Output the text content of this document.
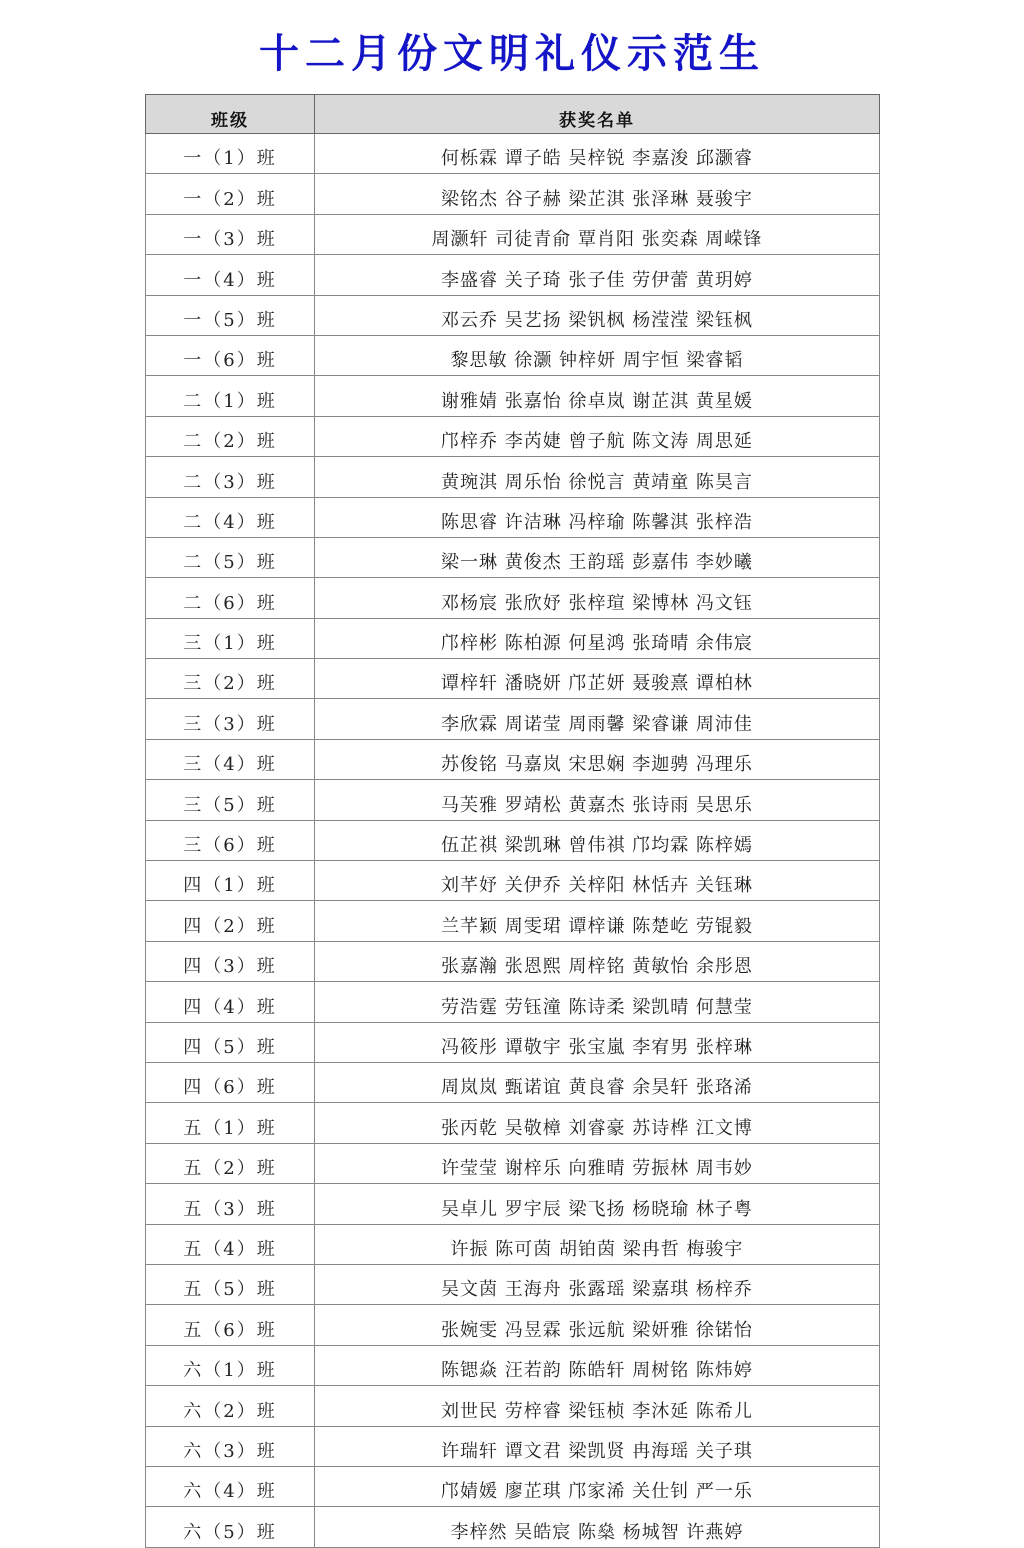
十二月份文明礼仪示范生
班级	获奖名单
一（1）班	何栎霖 谭子皓 吴梓锐 李嘉浚 邱灏睿
一（2）班	梁铭杰 谷子赫 梁芷淇 张泽琳 聂骏宇
一（3）班	周灏轩 司徒青俞 覃肖阳 张奕森 周嵘锋
一（4）班	李盛睿 关子琦 张子佳 劳伊蕾 黄玥婷
一（5）班	邓云乔 吴艺扬 梁钒枫 杨滢滢 梁钰枫
一（6）班	黎思敏 徐灏 钟梓妍 周宇恒 梁睿韬
二（1）班	谢雅婧 张嘉怡 徐卓岚 谢芷淇 黄星媛
二（2）班	邝梓乔 李芮婕 曾子航 陈文涛 周思延
二（3）班	黄琬淇 周乐怡 徐悦言 黄靖童 陈昊言
二（4）班	陈思睿 许洁琳 冯梓瑜 陈馨淇 张梓浩
二（5）班	梁一琳 黄俊杰 王韵瑶 彭嘉伟 李妙曦
二（6）班	邓杨宸 张欣妤 张梓瑄 梁博林 冯文钰
三（1）班	邝梓彬 陈柏源 何星鸿 张琦晴 余伟宸
三（2）班	谭梓轩 潘晓妍 邝芷妍 聂骏熹 谭柏林
三（3）班	李欣霖 周诺莹 周雨馨 梁睿谦 周沛佳
三（4）班	苏俊铭 马嘉岚 宋思娴 李迦骋 冯理乐
三（5）班	马芙雅 罗靖松 黄嘉杰 张诗雨 吴思乐
三（6）班	伍芷祺 梁凯琳 曾伟祺 邝均霖 陈梓嫣
四（1）班	刘芊妤 关伊乔 关梓阳 林恬卉 关钰琳
四（2）班	兰芊颖 周雯珺 谭梓谦 陈楚屹 劳锟毅
四（3）班	张嘉瀚 张恩熙 周梓铭 黄敏怡 余彤恩
四（4）班	劳浩霆 劳钰潼 陈诗柔 梁凯晴 何慧莹
四（5）班	冯筱彤 谭敬宇 张宝嵐 李宥男 张梓琳
四（6）班	周岚岚 甄诺谊 黄良睿 余昊轩 张珞浠
五（1）班	张丙乾 吴敬樟 刘睿豪 苏诗桦 江文博
五（2）班	许莹莹 谢梓乐 向雅晴 劳振林 周韦妙
五（3）班	吴卓儿 罗宇辰 梁飞扬 杨晓瑜 林子粤
五（4）班	许振 陈可茵 胡铂茵 梁冉哲 梅骏宇
五（5）班	吴文茵 王海舟 张露瑶 梁嘉琪 杨梓乔
五（6）班	张婉雯 冯昱霖 张远航 梁妍雅 徐锘怡
六（1）班	陈锶焱 汪若韵 陈皓轩 周树铭 陈炜婷
六（2）班	刘世民 劳梓睿 梁钰桢 李沐延 陈希儿
六（3）班	许瑞轩 谭文君 梁凯贤 冉海瑶 关子琪
六（4）班	邝婧媛 廖芷琪 邝家浠 关仕钊 严一乐
六（5）班	李梓然 吴皓宸 陈燊 杨城智 许燕婷
